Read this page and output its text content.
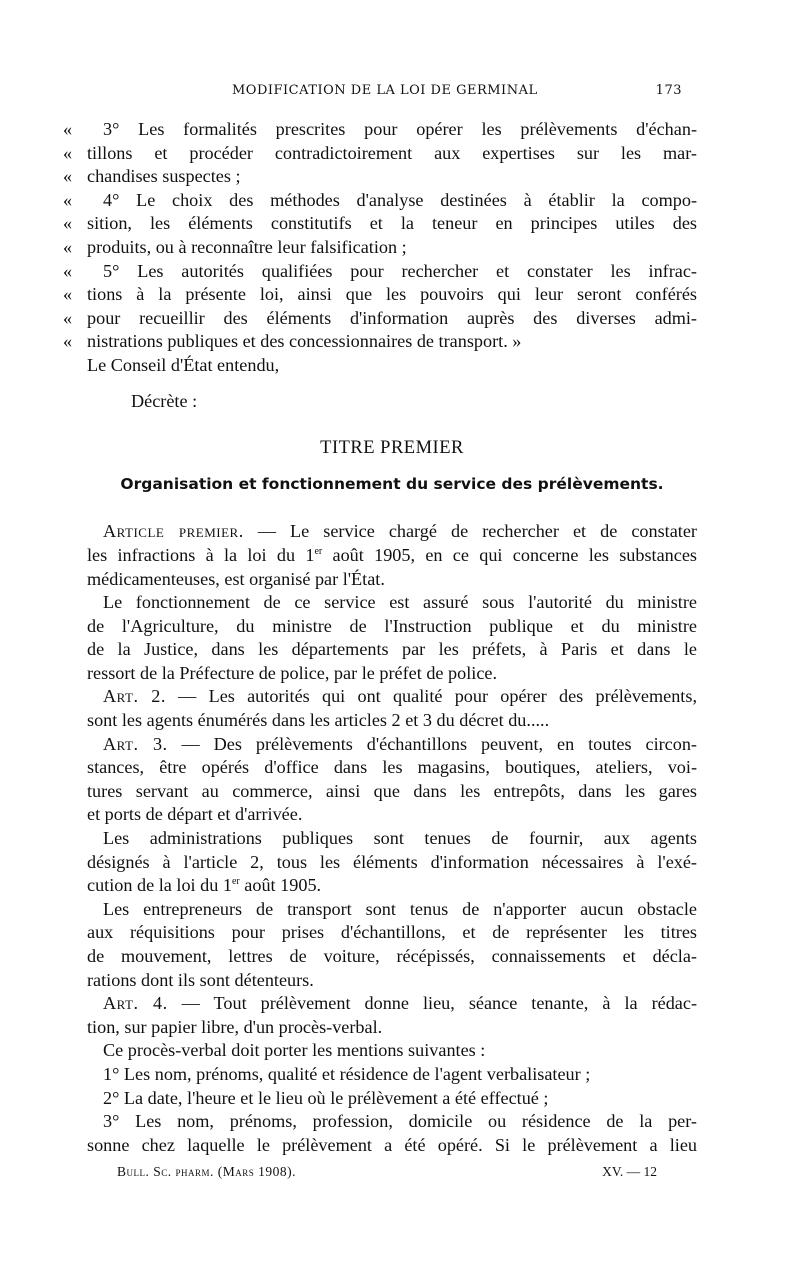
MODIFICATION DE LA LOI DE GERMINAL	173
« 3° Les formalités prescrites pour opérer les prélèvements d'échan-
« tillons et procéder contradictoirement aux expertises sur les mar-
« chandises suspectes ;
« 4° Le choix des méthodes d'analyse destinées à établir la compo-
« sition, les éléments constitutifs et la teneur en principes utiles des
« produits, ou à reconnaître leur falsification ;
« 5° Les autorités qualifiées pour rechercher et constater les infrac-
« tions à la présente loi, ainsi que les pouvoirs qui leur seront conférés
« pour recueillir des éléments d'information auprès des diverses admi-
« nistrations publiques et des concessionnaires de transport. »
Le Conseil d'État entendu,
Décrète :
TITRE PREMIER
Organisation et fonctionnement du service des prélèvements.
Article premier. — Le service chargé de rechercher et de constater
les infractions à la loi du 1er août 1905, en ce qui concerne les substances
médicamenteuses, est organisé par l'État.
Le fonctionnement de ce service est assuré sous l'autorité du ministre
de l'Agriculture, du ministre de l'Instruction publique et du ministre
de la Justice, dans les départements par les préfets, à Paris et dans le
ressort de la Préfecture de police, par le préfet de police.
Art. 2. — Les autorités qui ont qualité pour opérer des prélèvements,
sont les agents énumérés dans les articles 2 et 3 du décret du.....
Art. 3. — Des prélèvements d'échantillons peuvent, en toutes circon-
stances, être opérés d'office dans les magasins, boutiques, ateliers, voi-
tures servant au commerce, ainsi que dans les entrepôts, dans les gares
et ports de départ et d'arrivée.
Les administrations publiques sont tenues de fournir, aux agents
désignés à l'article 2, tous les éléments d'information nécessaires à l'exé-
cution de la loi du 1er août 1905.
Les entrepreneurs de transport sont tenus de n'apporter aucun obstacle
aux réquisitions pour prises d'échantillons, et de représenter les titres
de mouvement, lettres de voiture, récépissés, connaissements et décla-
rations dont ils sont détenteurs.
Art. 4. — Tout prélèvement donne lieu, séance tenante, à la rédac-
tion, sur papier libre, d'un procès-verbal.
Ce procès-verbal doit porter les mentions suivantes :
1° Les nom, prénoms, qualité et résidence de l'agent verbalisateur ;
2° La date, l'heure et le lieu où le prélèvement a été effectué ;
3° Les nom, prénoms, profession, domicile ou résidence de la per-
sonne chez laquelle le prélèvement a été opéré. Si le prélèvement a lieu
Bull. Sc. pharm. (Mars 1908).	XV. — 12
